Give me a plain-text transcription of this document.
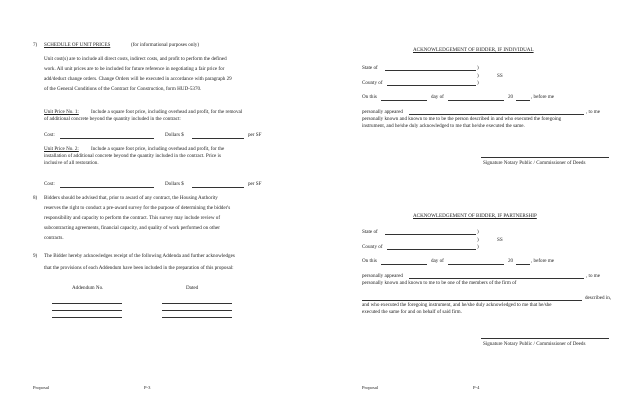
7) SCHEDULE OF UNIT PRICES	(for informational purposes only)
Unit cost(s) are to include all direct costs, indirect costs, and profit to perform the defined
work. All unit prices are to be included for future reference in negotiating a fair price for
add/deduct change orders. Change Orders will be executed in accordance with paragraph 29
of the General Conditions of the Contract for Construction, form HUD-5370.
Unit Price No. 1: Include a square foot price, including overhead and profit, for the removal
of additional concrete beyond the quantity included in the contract:
Cost:	Dollars $	per SF
Unit Price No. 2: Include a square foot price, including overhead and profit, for the
installation of additional concrete beyond the quantity included in the contract. Price is
inclusive of all restoration.
Cost:	Dollars $	per SF
8) Bidders should be advised that, prior to award of any contract, the Housing Authority
reserves the right to conduct a pre-award survey for the purpose of determining the bidder's
responsibility and capacity to perform the contract. This survey may include review of
subcontracting agreements, financial capacity, and quality of work performed on other
contracts.
9) The Bidder hereby acknowledges receipt of the following Addenda and further acknowledges
that the provisions of each Addendum have been included in the preparation of this proposal:
Addendum No.	Dated
Proposal	P-3
ACKNOWLEDGEMENT OF BIDDER, IF INDIVIDUAL
State of	)
)	SS
County of	)
On this	day of	20	, before me
personally appeared	, to me
personally known and known to me to be the person described in and who executed the foregoing
instrument, and he/she duly acknowledged to me that he/she executed the same.
Signature Notary Public / Commissioner of Deeds
ACKNOWLEDGEMENT OF BIDDER, IF PARTNERSHIP
State of	)
)	SS
County of	)
On this	day of	20	, before me
personally appeared	, to me
personally known and known to me to be one of the members of the firm of
described in,
and who executed the foregoing instrument, and he/she duly acknowledged to me that he/she
executed the same for and on behalf of said firm.
Signature Notary Public / Commissioner of Deeds
Proposal	P-4
